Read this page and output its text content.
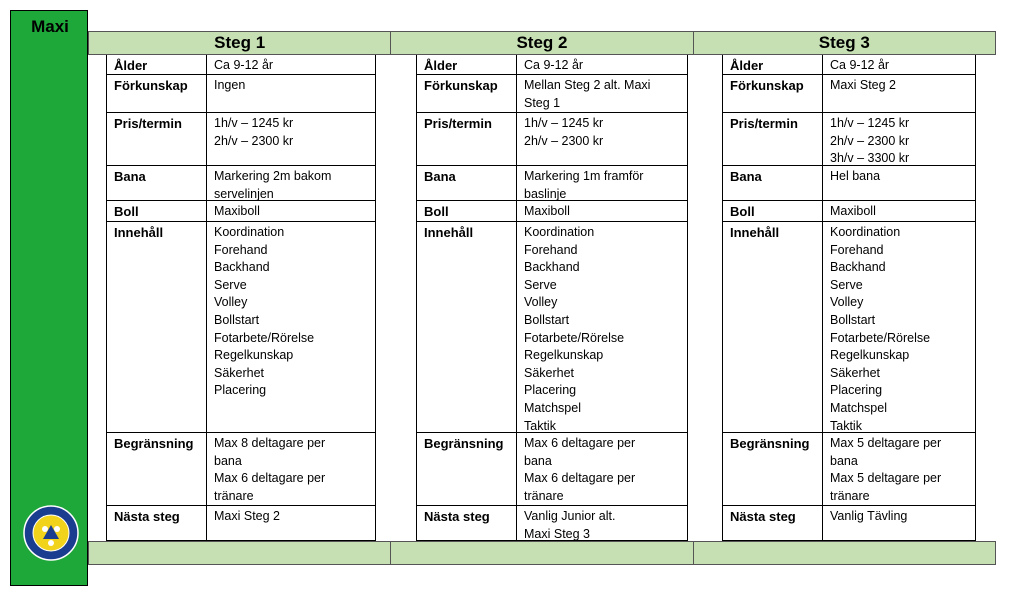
Maxi
Steg 1	Steg 2	Steg 3
Ålder	Ca 9-12 år
Förkunskap	Ingen
Pris/termin	1h/v – 1245 kr
2h/v – 2300 kr
Bana	Markering 2m bakom
servelinjen
Boll	Maxiboll
Innehåll	Koordination
Forehand
Backhand
Serve
Volley
Bollstart
Fotarbete/Rörelse
Regelkunskap
Säkerhet
Placering
Begränsning	Max 8 deltagare per
bana
Max 6 deltagare per
tränare
Nästa steg	Maxi Steg 2
Ålder	Ca 9-12 år
Förkunskap	Mellan Steg 2 alt. Maxi
Steg 1
Pris/termin	1h/v – 1245 kr
2h/v – 2300 kr
Bana	Markering 1m framför
baslinje
Boll	Maxiboll
Innehåll	Koordination
Forehand
Backhand
Serve
Volley
Bollstart
Fotarbete/Rörelse
Regelkunskap
Säkerhet
Placering
Matchspel
Taktik
Begränsning	Max 6 deltagare per
bana
Max 6 deltagare per
tränare
Nästa steg	Vanlig Junior alt.
Maxi Steg 3
Ålder	Ca 9-12 år
Förkunskap	Maxi Steg 2
Pris/termin	1h/v – 1245 kr
2h/v – 2300 kr
3h/v – 3300 kr
Bana	Hel bana
Boll	Maxiboll
Innehåll	Koordination
Forehand
Backhand
Serve
Volley
Bollstart
Fotarbete/Rörelse
Regelkunskap
Säkerhet
Placering
Matchspel
Taktik
Begränsning	Max 5 deltagare per
bana
Max 5 deltagare per
tränare
Nästa steg	Vanlig Tävling
